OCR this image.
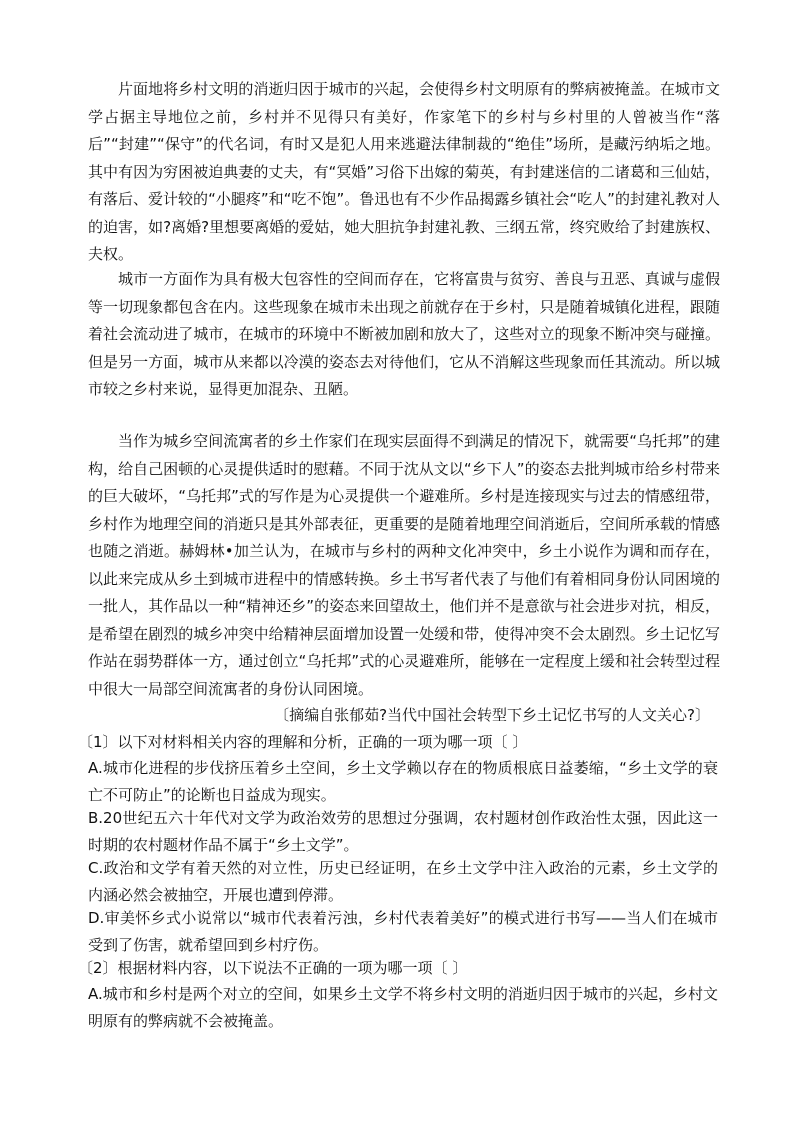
片面地将乡村文明的消逝归因于城市的兴起，会使得乡村文明原有的弊病被掩盖。在城市文学占据主导地位之前，乡村并不见得只有美好，作家笔下的乡村与乡村里的人曾被当作“落后”“封建”“保守”的代名词，有时又是犯人用来逃避法律制裁的“绝佳”场所，是藏污纳垢之地。其中有因为穷困被迫典妻的丈夫，有“冥婚”习俗下出嫁的菊英，有封建迷信的二诸葛和三仙姑，有落后、爱计较的“小腿疼”和“吃不饱”。鲁迅也有不少作品揭露乡镇社会“吃人”的封建礼教对人的迫害，如?离婚?里想要离婚的爱姑，她大胆抗争封建礼教、三纲五常，终究败给了封建族权、夫权。

城市一方面作为具有极大包容性的空间而存在，它将富贵与贫穷、善良与丑恶、真诚与虚假等一切现象都包含在内。这些现象在城市未出现之前就存在于乡村，只是随着城镇化进程，跟随着社会流动进了城市，在城市的环境中不断被加剧和放大了，这些对立的现象不断冲突与碰撞。但是另一方面，城市从来都以冷漠的姿态去对待他们，它从不消解这些现象而任其流动。所以城市较之乡村来说，显得更加混杂、丑陋。

当作为城乡空间流寓者的乡土作家们在现实层面得不到满足的情况下，就需要“乌托邦”的建构，给自己困顿的心灵提供适时的慰藉。不同于沈从文以“乡下人”的姿态去批判城市给乡村带来的巨大破坏，“乌托邦”式的写作是为心灵提供一个避难所。乡村是连接现实与过去的情感纽带，乡村作为地理空间的消逝只是其外部表征，更重要的是随着地理空间消逝后，空间所承载的情感也随之消逝。赫姆林•加兰认为，在城市与乡村的两种文化冲突中，乡土小说作为调和而存在，以此来完成从乡土到城市进程中的情感转换。乡土书写者代表了与他们有着相同身份认同困境的一批人，其作品以一种“精神还乡”的姿态来回望故土，他们并不是意欲与社会进步对抗，相反，是希望在剧烈的城乡冲突中给精神层面增加设置一处缓和带，使得冲突不会太剧烈。乡土记忆写作站在弱势群体一方，通过创立“乌托邦”式的心灵避难所，能够在一定程度上缓和社会转型过程中很大一局部空间流寓者的身份认同困境。

〔摘编自张郁茹?当代中国社会转型下乡土记忆书写的人文关心?〕

〔1〕以下对材料相关内容的理解和分析，正确的一项为哪一项〔 〕

A.城市化进程的步伐挤压着乡土空间，乡土文学赖以存在的物质根底日益萎缩，“乡土文学的衰亡不可防止”的论断也日益成为现实。

B.20世纪五六十年代对文学为政治效劳的思想过分强调，农村题材创作政治性太强，因此这一时期的农村题材作品不属于“乡土文学”。

C.政治和文学有着天然的对立性，历史已经证明，在乡土文学中注入政治的元素，乡土文学的内涵必然会被抽空，开展也遭到停滞。

D.审美怀乡式小说常以“城市代表着污浊，乡村代表着美好”的模式进行书写——当人们在城市受到了伤害，就希望回到乡村疗伤。

〔2〕根据材料内容，以下说法不正确的一项为哪一项〔 〕

A.城市和乡村是两个对立的空间，如果乡土文学不将乡村文明的消逝归因于城市的兴起，乡村文明原有的弊病就不会被掩盖。
